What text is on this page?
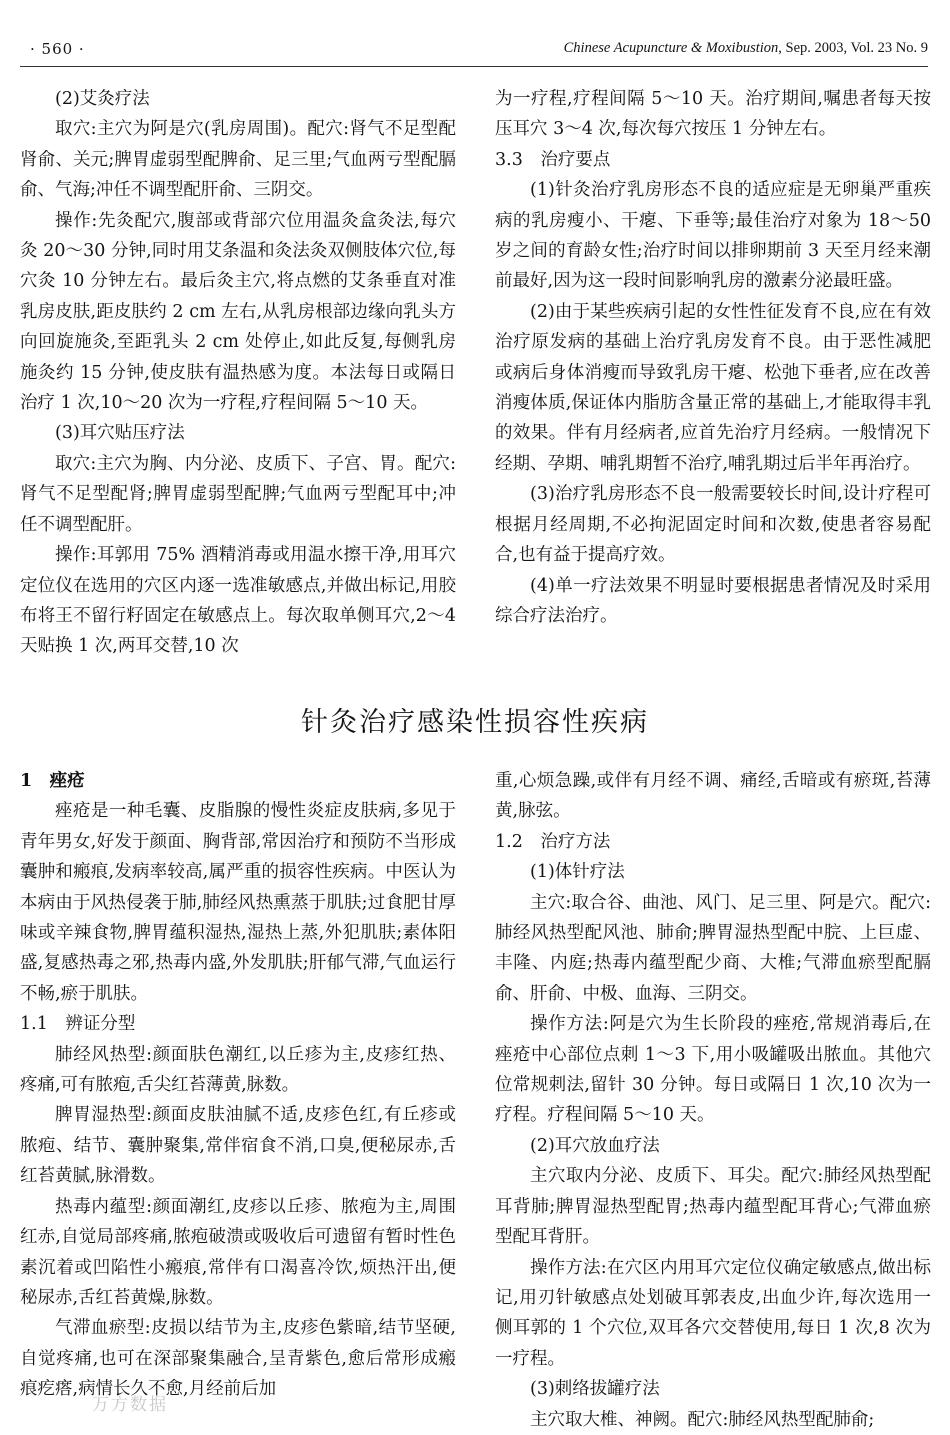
· 560 ·	Chinese Acupuncture & Moxibustion, Sep. 2003, Vol. 23 No. 9

(2)艾灸疗法

取穴:主穴为阿是穴(乳房周围)。配穴:肾气不足型配肾俞、关元;脾胃虚弱型配脾俞、足三里;气血两亏型配膈俞、气海;冲任不调型配肝俞、三阴交。

操作:先灸配穴,腹部或背部穴位用温灸盒灸法,每穴灸 20～30 分钟,同时用艾条温和灸法灸双侧肢体穴位,每穴灸 10 分钟左右。最后灸主穴,将点燃的艾条垂直对准乳房皮肤,距皮肤约 2 cm 左右,从乳房根部边缘向乳头方向回旋施灸,至距乳头 2 cm 处停止,如此反复,每侧乳房施灸约 15 分钟,使皮肤有温热感为度。本法每日或隔日治疗 1 次,10～20 次为一疗程,疗程间隔 5～10 天。

(3)耳穴贴压疗法

取穴:主穴为胸、内分泌、皮质下、子宫、胃。配穴:肾气不足型配肾;脾胃虚弱型配脾;气血两亏型配耳中;冲任不调型配肝。

操作:耳郭用 75% 酒精消毒或用温水擦干净,用耳穴定位仪在选用的穴区内逐一选准敏感点,并做出标记,用胶布将王不留行籽固定在敏感点上。每次取单侧耳穴,2～4 天贴换 1 次,两耳交替,10 次

为一疗程,疗程间隔 5～10 天。治疗期间,嘱患者每天按压耳穴 3～4 次,每次每穴按压 1 分钟左右。

3.3　治疗要点

(1)针灸治疗乳房形态不良的适应症是无卵巢严重疾病的乳房瘦小、干瘪、下垂等;最佳治疗对象为 18～50 岁之间的育龄女性;治疗时间以排卵期前 3 天至月经来潮前最好,因为这一段时间影响乳房的激素分泌最旺盛。

(2)由于某些疾病引起的女性性征发育不良,应在有效治疗原发病的基础上治疗乳房发育不良。由于恶性减肥或病后身体消瘦而导致乳房干瘪、松弛下垂者,应在改善消瘦体质,保证体内脂肪含量正常的基础上,才能取得丰乳的效果。伴有月经病者,应首先治疗月经病。一般情况下经期、孕期、哺乳期暂不治疗,哺乳期过后半年再治疗。

(3)治疗乳房形态不良一般需要较长时间,设计疗程可根据月经周期,不必拘泥固定时间和次数,使患者容易配合,也有益于提高疗效。

(4)单一疗法效果不明显时要根据患者情况及时采用综合疗法治疗。

针灸治疗感染性损容性疾病

1　痤疮

痤疮是一种毛囊、皮脂腺的慢性炎症皮肤病,多见于青年男女,好发于颜面、胸背部,常因治疗和预防不当形成囊肿和瘢痕,发病率较高,属严重的损容性疾病。中医认为本病由于风热侵袭于肺,肺经风热熏蒸于肌肤;过食肥甘厚味或辛辣食物,脾胃蕴积湿热,湿热上蒸,外犯肌肤;素体阳盛,复感热毒之邪,热毒内盛,外发肌肤;肝郁气滞,气血运行不畅,瘀于肌肤。

1.1　辨证分型

肺经风热型:颜面肤色潮红,以丘疹为主,皮疹红热、疼痛,可有脓疱,舌尖红苔薄黄,脉数。

脾胃湿热型:颜面皮肤油腻不适,皮疹色红,有丘疹或脓疱、结节、囊肿聚集,常伴宿食不消,口臭,便秘尿赤,舌红苔黄腻,脉滑数。

热毒内蕴型:颜面潮红,皮疹以丘疹、脓疱为主,周围红赤,自觉局部疼痛,脓疱破溃或吸收后可遗留有暂时性色素沉着或凹陷性小瘢痕,常伴有口渴喜冷饮,烦热汗出,便秘尿赤,舌红苔黄燥,脉数。

气滞血瘀型:皮损以结节为主,皮疹色紫暗,结节坚硬,自觉疼痛,也可在深部聚集融合,呈青紫色,愈后常形成瘢痕疙瘩,病情长久不愈,月经前后加

重,心烦急躁,或伴有月经不调、痛经,舌暗或有瘀斑,苔薄黄,脉弦。

1.2　治疗方法

(1)体针疗法

主穴:取合谷、曲池、风门、足三里、阿是穴。配穴:肺经风热型配风池、肺俞;脾胃湿热型配中脘、上巨虚、丰隆、内庭;热毒内蕴型配少商、大椎;气滞血瘀型配膈俞、肝俞、中极、血海、三阴交。

操作方法:阿是穴为生长阶段的痤疮,常规消毒后,在痤疮中心部位点刺 1～3 下,用小吸罐吸出脓血。其他穴位常规刺法,留针 30 分钟。每日或隔日 1 次,10 次为一疗程。疗程间隔 5～10 天。

(2)耳穴放血疗法

主穴取内分泌、皮质下、耳尖。配穴:肺经风热型配耳背肺;脾胃湿热型配胃;热毒内蕴型配耳背心;气滞血瘀型配耳背肝。

操作方法:在穴区内用耳穴定位仪确定敏感点,做出标记,用刃针敏感点处划破耳郭表皮,出血少许,每次选用一侧耳郭的 1 个穴位,双耳各穴交替使用,每日 1 次,8 次为一疗程。

(3)刺络拔罐疗法

主穴取大椎、神阙。配穴:肺经风热型配肺俞;

万方数据
